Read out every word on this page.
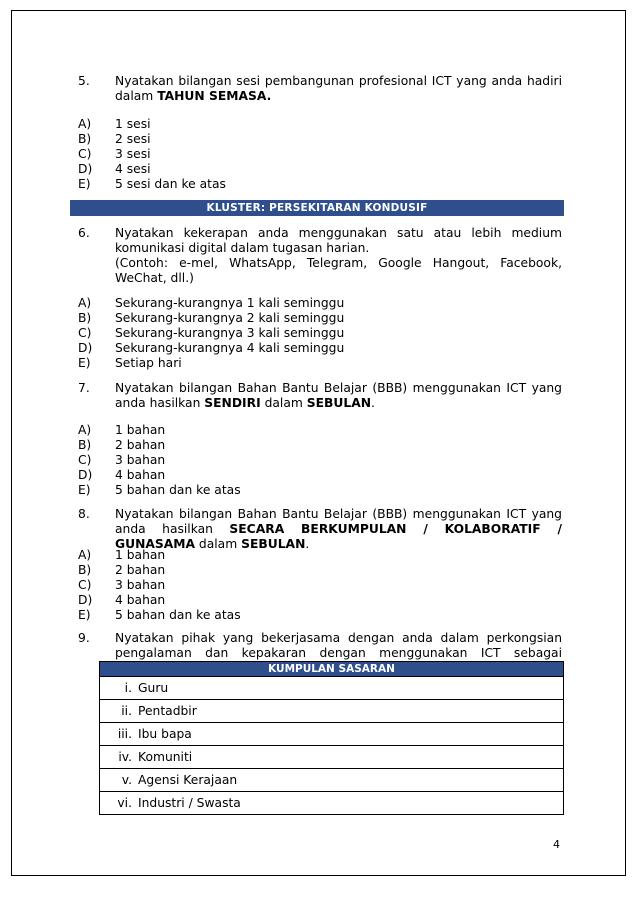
5. Nyatakan bilangan sesi pembangunan profesional ICT yang anda hadiri dalam TAHUN SEMASA.
A)	1 sesi
B)	2 sesi
C)	3 sesi
D)	4 sesi
E)	5 sesi dan ke atas
KLUSTER: PERSEKITARAN KONDUSIF
6. Nyatakan kekerapan anda menggunakan satu atau lebih medium komunikasi digital dalam tugasan harian.
(Contoh: e-mel, WhatsApp, Telegram, Google Hangout, Facebook, WeChat, dll.)
A)	Sekurang-kurangnya 1 kali seminggu
B)	Sekurang-kurangnya 2 kali seminggu
C)	Sekurang-kurangnya 3 kali seminggu
D)	Sekurang-kurangnya 4 kali seminggu
E)	Setiap hari
7. Nyatakan bilangan Bahan Bantu Belajar (BBB) menggunakan ICT yang anda hasilkan SENDIRI dalam SEBULAN.
A)	1 bahan
B)	2 bahan
C)	3 bahan
D)	4 bahan
E)	5 bahan dan ke atas
8. Nyatakan bilangan Bahan Bantu Belajar (BBB) menggunakan ICT yang anda hasilkan SECARA BERKUMPULAN / KOLABORATIF / GUNASAMA dalam SEBULAN.
A)	1 bahan
B)	2 bahan
C)	3 bahan
D)	4 bahan
E)	5 bahan dan ke atas
9. Nyatakan pihak yang bekerjasama dengan anda dalam perkongsian pengalaman dan kepakaran dengan menggunakan ICT sebagai
KUMPULAN SASARAN
i. Guru
ii. Pentadbir
iii. Ibu bapa
iv. Komuniti
v. Agensi Kerajaan
vi. Industri / Swasta
4
